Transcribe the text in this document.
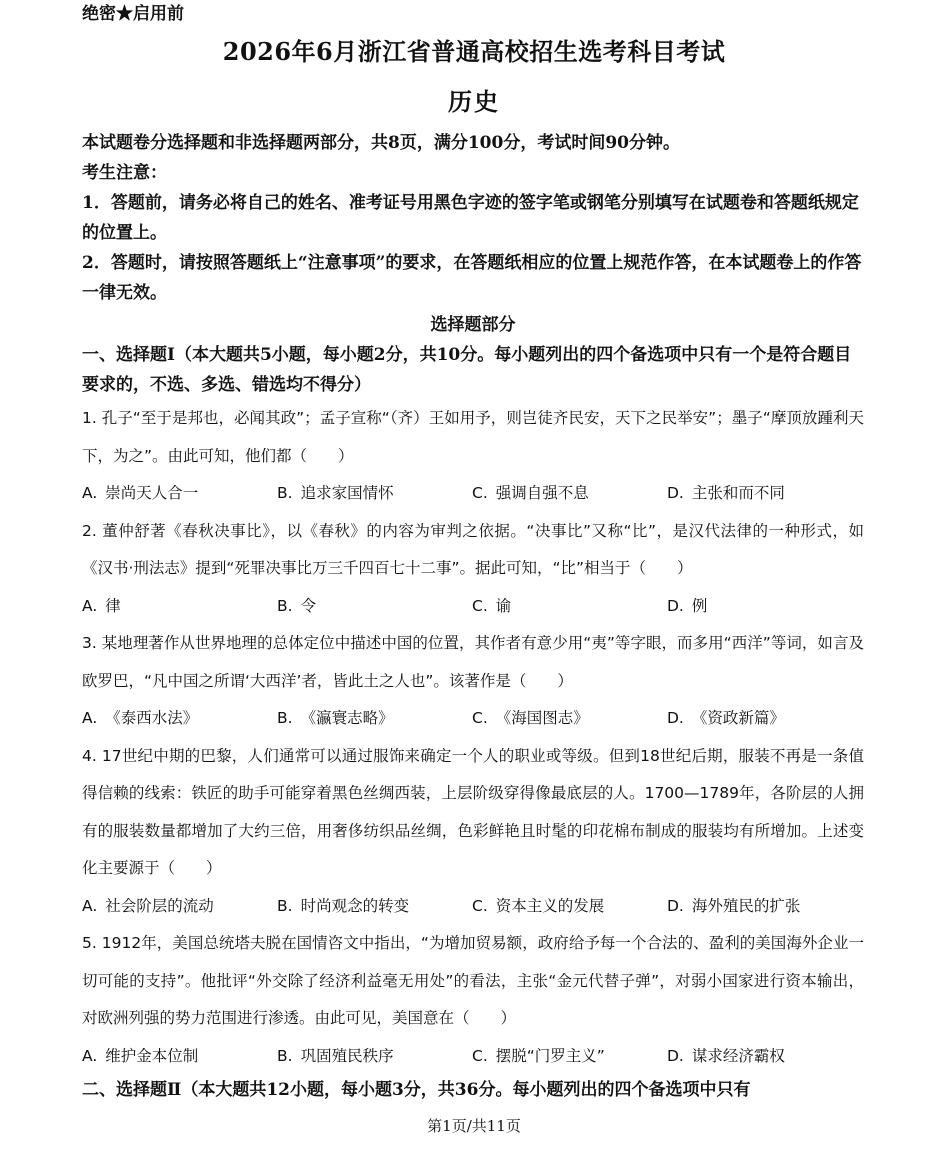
绝密★启用前
2026年6月浙江省普通高校招生选考科目考试
历史

本试题卷分选择题和非选择题两部分，共8页，满分100分，考试时间90分钟。

考生注意：

1．答题前，请务必将自己的姓名、准考证号用黑色字迹的签字笔或钢笔分别填写在试题卷和答题纸规定的位置上。

2．答题时，请按照答题纸上“注意事项”的要求，在答题纸相应的位置上规范作答，在本试题卷上的作答一律无效。

选择题部分

一、选择题Ⅰ（本大题共5小题，每小题2分，共10分。每小题列出的四个备选项中只有一个是符合题目要求的，不选、多选、错选均不得分）

1. 孔子“至于是邦也，必闻其政”；孟子宣称“（齐）王如用予，则岂徒齐民安，天下之民举安”；墨子“摩顶放踵利天下，为之”。由此可知，他们都（　　）

A. 崇尚天人合一	B. 追求家国情怀	C. 强调自强不息	D. 主张和而不同

2. 董仲舒著《春秋决事比》，以《春秋》的内容为审判之依据。“决事比”又称“比”，是汉代法律的一种形式，如《汉书·刑法志》提到“死罪决事比万三千四百七十二事”。据此可知，“比”相当于（　　）

A. 律	B. 令	C. 谕	D. 例

3. 某地理著作从世界地理的总体定位中描述中国的位置，其作者有意少用“夷”等字眼，而多用“西洋”等词，如言及欧罗巴，“凡中国之所谓‘大西洋’者，皆此土之人也”。该著作是（　　）

A. 《泰西水法》	B. 《瀛寰志略》	C. 《海国图志》	D. 《资政新篇》

4. 17世纪中期的巴黎，人们通常可以通过服饰来确定一个人的职业或等级。但到18世纪后期，服装不再是一条值得信赖的线索：铁匠的助手可能穿着黑色丝绸西装，上层阶级穿得像最底层的人。1700—1789年，各阶层的人拥有的服装数量都增加了大约三倍，用奢侈纺织品丝绸，色彩鲜艳且时髦的印花棉布制成的服装均有所增加。上述变化主要源于（　　）

A. 社会阶层的流动	B. 时尚观念的转变	C. 资本主义的发展	D. 海外殖民的扩张

5. 1912年，美国总统塔夫脱在国情咨文中指出，“为增加贸易额，政府给予每一个合法的、盈利的美国海外企业一切可能的支持”。他批评“外交除了经济利益毫无用处”的看法，主张“金元代替子弹”，对弱小国家进行资本输出，对欧洲列强的势力范围进行渗透。由此可见，美国意在（　　）

A. 维护金本位制	B. 巩固殖民秩序	C. 摆脱“门罗主义”	D. 谋求经济霸权

二、选择题Ⅱ（本大题共12小题，每小题3分，共36分。每小题列出的四个备选项中只有

第1页/共11页
